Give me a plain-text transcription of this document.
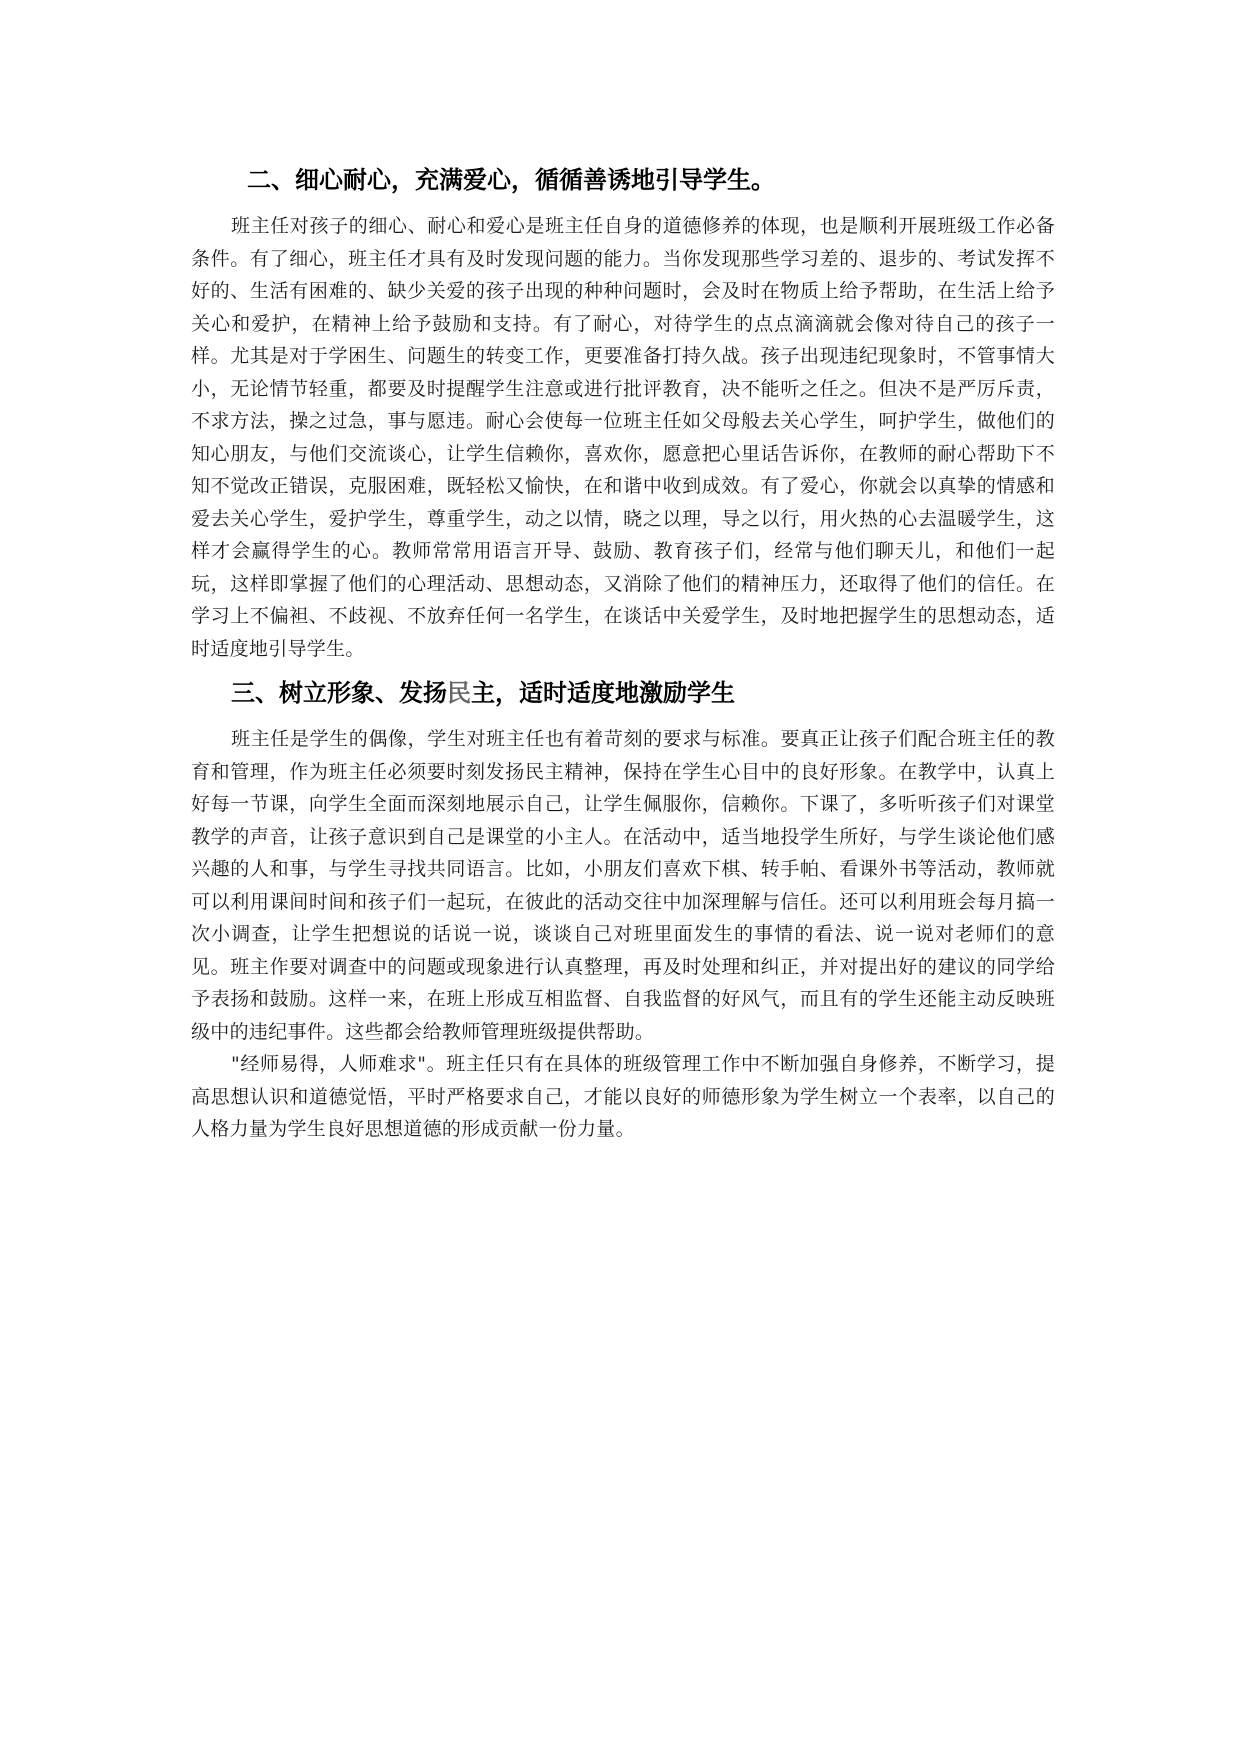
二、细心耐心，充满爱心，循循善诱地引导学生。

班主任对孩子的细心、耐心和爱心是班主任自身的道德修养的体现，也是顺利开展班级工作必备条件。有了细心，班主任才具有及时发现问题的能力。当你发现那些学习差的、退步的、考试发挥不好的、生活有困难的、缺少关爱的孩子出现的种种问题时，会及时在物质上给予帮助，在生活上给予关心和爱护，在精神上给予鼓励和支持。有了耐心，对待学生的点点滴滴就会像对待自己的孩子一样。尤其是对于学困生、问题生的转变工作，更要准备打持久战。孩子出现违纪现象时，不管事情大小，无论情节轻重，都要及时提醒学生注意或进行批评教育，决不能听之任之。但决不是严厉斥责，不求方法，操之过急，事与愿违。耐心会使每一位班主任如父母般去关心学生，呵护学生，做他们的知心朋友，与他们交流谈心，让学生信赖你，喜欢你，愿意把心里话告诉你，在教师的耐心帮助下不知不觉改正错误，克服困难，既轻松又愉快，在和谐中收到成效。有了爱心，你就会以真挚的情感和爱去关心学生，爱护学生，尊重学生，动之以情，晓之以理，导之以行，用火热的心去温暖学生，这样才会赢得学生的心。教师常常用语言开导、鼓励、教育孩子们，经常与他们聊天儿，和他们一起玩，这样即掌握了他们的心理活动、思想动态，又消除了他们的精神压力，还取得了他们的信任。在学习上不偏袒、不歧视、不放弃任何一名学生，在谈话中关爱学生，及时地把握学生的思想动态，适时适度地引导学生。

三、树立形象、发扬民主，适时适度地激励学生

班主任是学生的偶像，学生对班主任也有着苛刻的要求与标准。要真正让孩子们配合班主任的教育和管理，作为班主任必须要时刻发扬民主精神，保持在学生心目中的良好形象。在教学中，认真上好每一节课，向学生全面而深刻地展示自己，让学生佩服你，信赖你。下课了，多听听孩子们对课堂教学的声音，让孩子意识到自己是课堂的小主人。在活动中，适当地投学生所好，与学生谈论他们感兴趣的人和事，与学生寻找共同语言。比如，小朋友们喜欢下棋、转手帕、看课外书等活动，教师就可以利用课间时间和孩子们一起玩，在彼此的活动交往中加深理解与信任。还可以利用班会每月搞一次小调查，让学生把想说的话说一说，谈谈自己对班里面发生的事情的看法、说一说对老师们的意见。班主作要对调查中的问题或现象进行认真整理，再及时处理和纠正，并对提出好的建议的同学给予表扬和鼓励。这样一来，在班上形成互相监督、自我监督的好风气，而且有的学生还能主动反映班级中的违纪事件。这些都会给教师管理班级提供帮助。

"经师易得，人师难求"。班主任只有在具体的班级管理工作中不断加强自身修养，不断学习，提高思想认识和道德觉悟，平时严格要求自己，才能以良好的师德形象为学生树立一个表率，以自己的人格力量为学生良好思想道德的形成贡献一份力量。
